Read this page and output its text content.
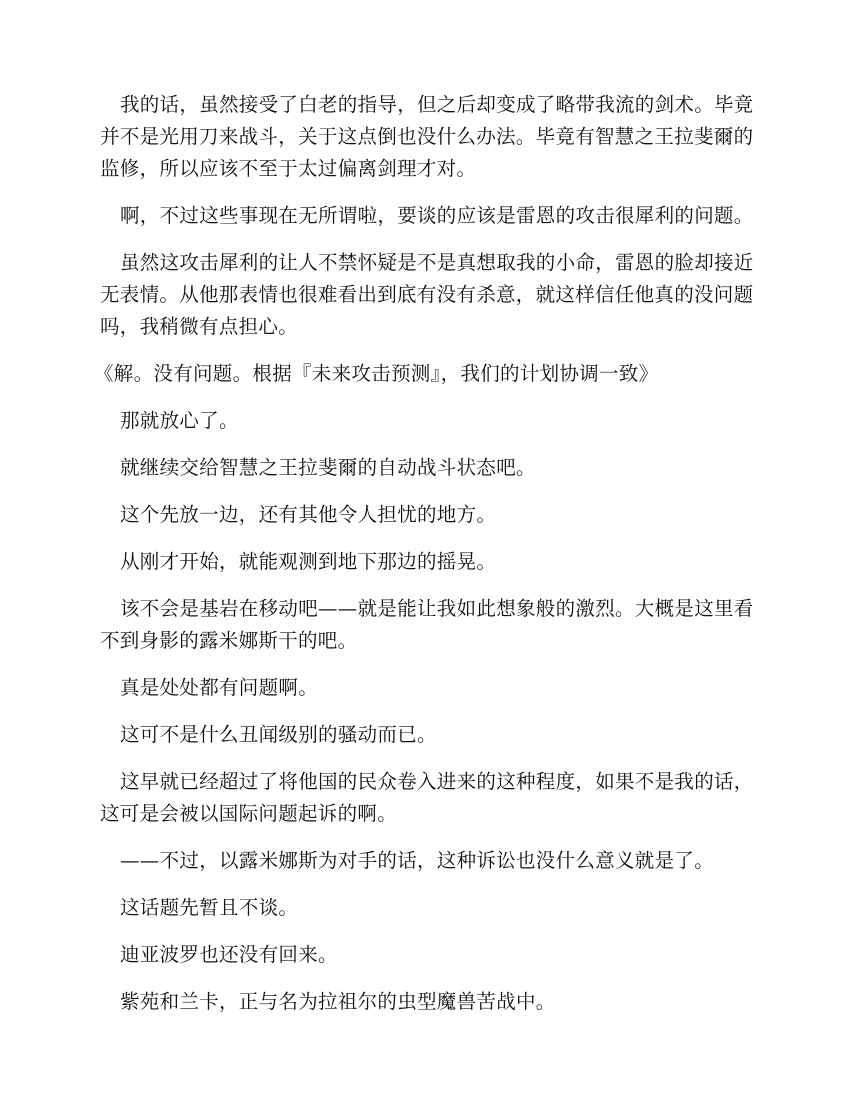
我的话，虽然接受了白老的指导，但之后却变成了略带我流的剑术。毕竟并不是光用刀来战斗，关于这点倒也没什么办法。毕竟有智慧之王拉斐爾的监修，所以应该不至于太过偏离剑理才对。

啊，不过这些事现在无所谓啦，要谈的应该是雷恩的攻击很犀利的问题。

虽然这攻击犀利的让人不禁怀疑是不是真想取我的小命，雷恩的脸却接近无表情。从他那表情也很难看出到底有没有杀意，就这样信任他真的没问题吗，我稍微有点担心。

《解。没有问题。根据『未来攻击预测』，我们的计划协调一致》

那就放心了。

就继续交给智慧之王拉斐爾的自动战斗状态吧。

这个先放一边，还有其他令人担忧的地方。

从刚才开始，就能观测到地下那边的摇晃。

该不会是基岩在移动吧——就是能让我如此想象般的激烈。大概是这里看不到身影的露米娜斯干的吧。

真是处处都有问题啊。

这可不是什么丑闻级别的骚动而已。

这早就已经超过了将他国的民众卷入进来的这种程度，如果不是我的话，这可是会被以国际问题起诉的啊。

——不过，以露米娜斯为对手的话，这种诉讼也没什么意义就是了。

这话题先暂且不谈。

迪亚波罗也还没有回来。

紫苑和兰卡，正与名为拉祖尔的虫型魔兽苦战中。
